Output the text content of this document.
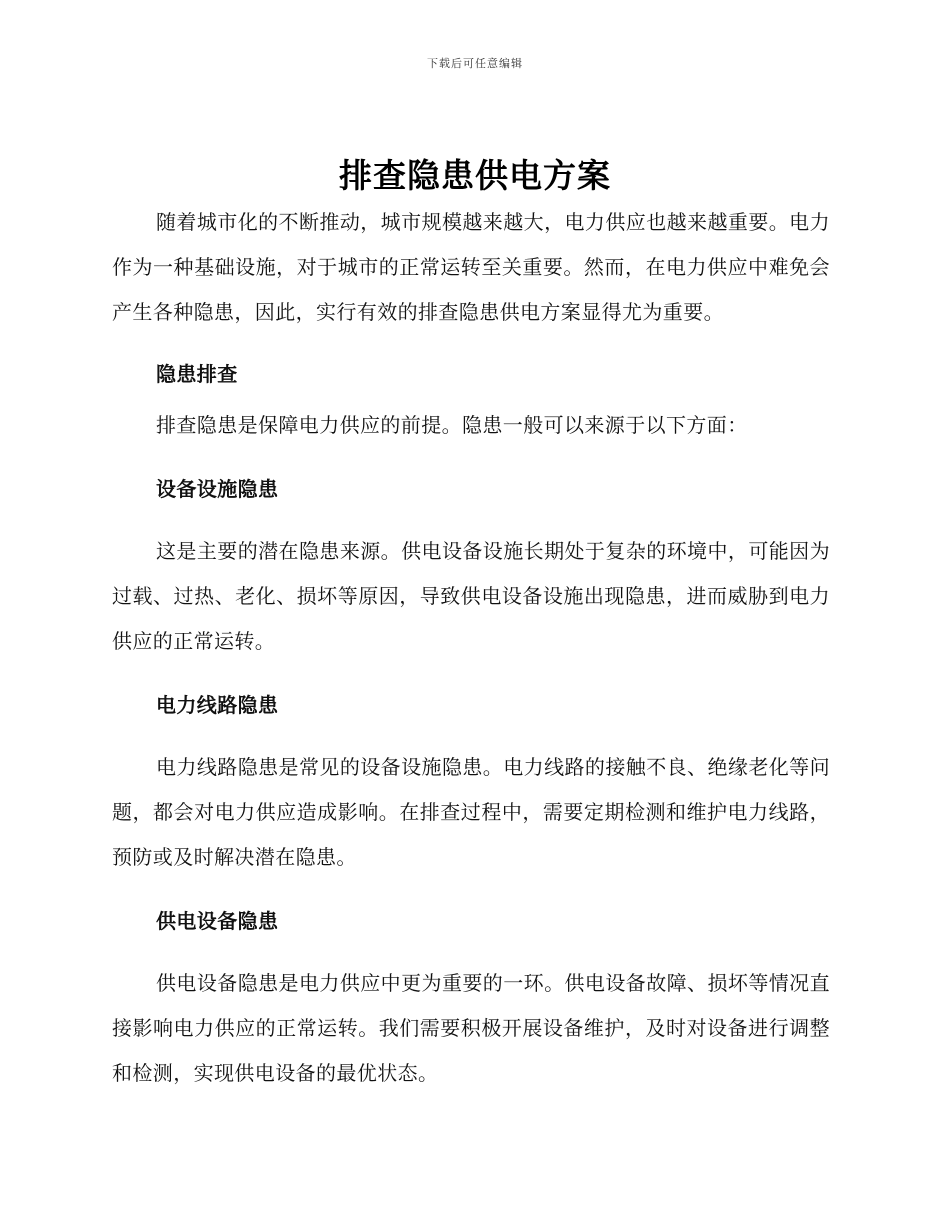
下载后可任意编辑
排查隐患供电方案

随着城市化的不断推动，城市规模越来越大，电力供应也越来越重要。电力作为一种基础设施，对于城市的正常运转至关重要。然而，在电力供应中难免会产生各种隐患，因此，实行有效的排查隐患供电方案显得尤为重要。

隐患排查

排查隐患是保障电力供应的前提。隐患一般可以来源于以下方面：

设备设施隐患

这是主要的潜在隐患来源。供电设备设施长期处于复杂的环境中，可能因为过载、过热、老化、损坏等原因，导致供电设备设施出现隐患，进而威胁到电力供应的正常运转。

电力线路隐患

电力线路隐患是常见的设备设施隐患。电力线路的接触不良、绝缘老化等问题，都会对电力供应造成影响。在排查过程中，需要定期检测和维护电力线路，预防或及时解决潜在隐患。

供电设备隐患

供电设备隐患是电力供应中更为重要的一环。供电设备故障、损坏等情况直接影响电力供应的正常运转。我们需要积极开展设备维护，及时对设备进行调整和检测，实现供电设备的最优状态。
